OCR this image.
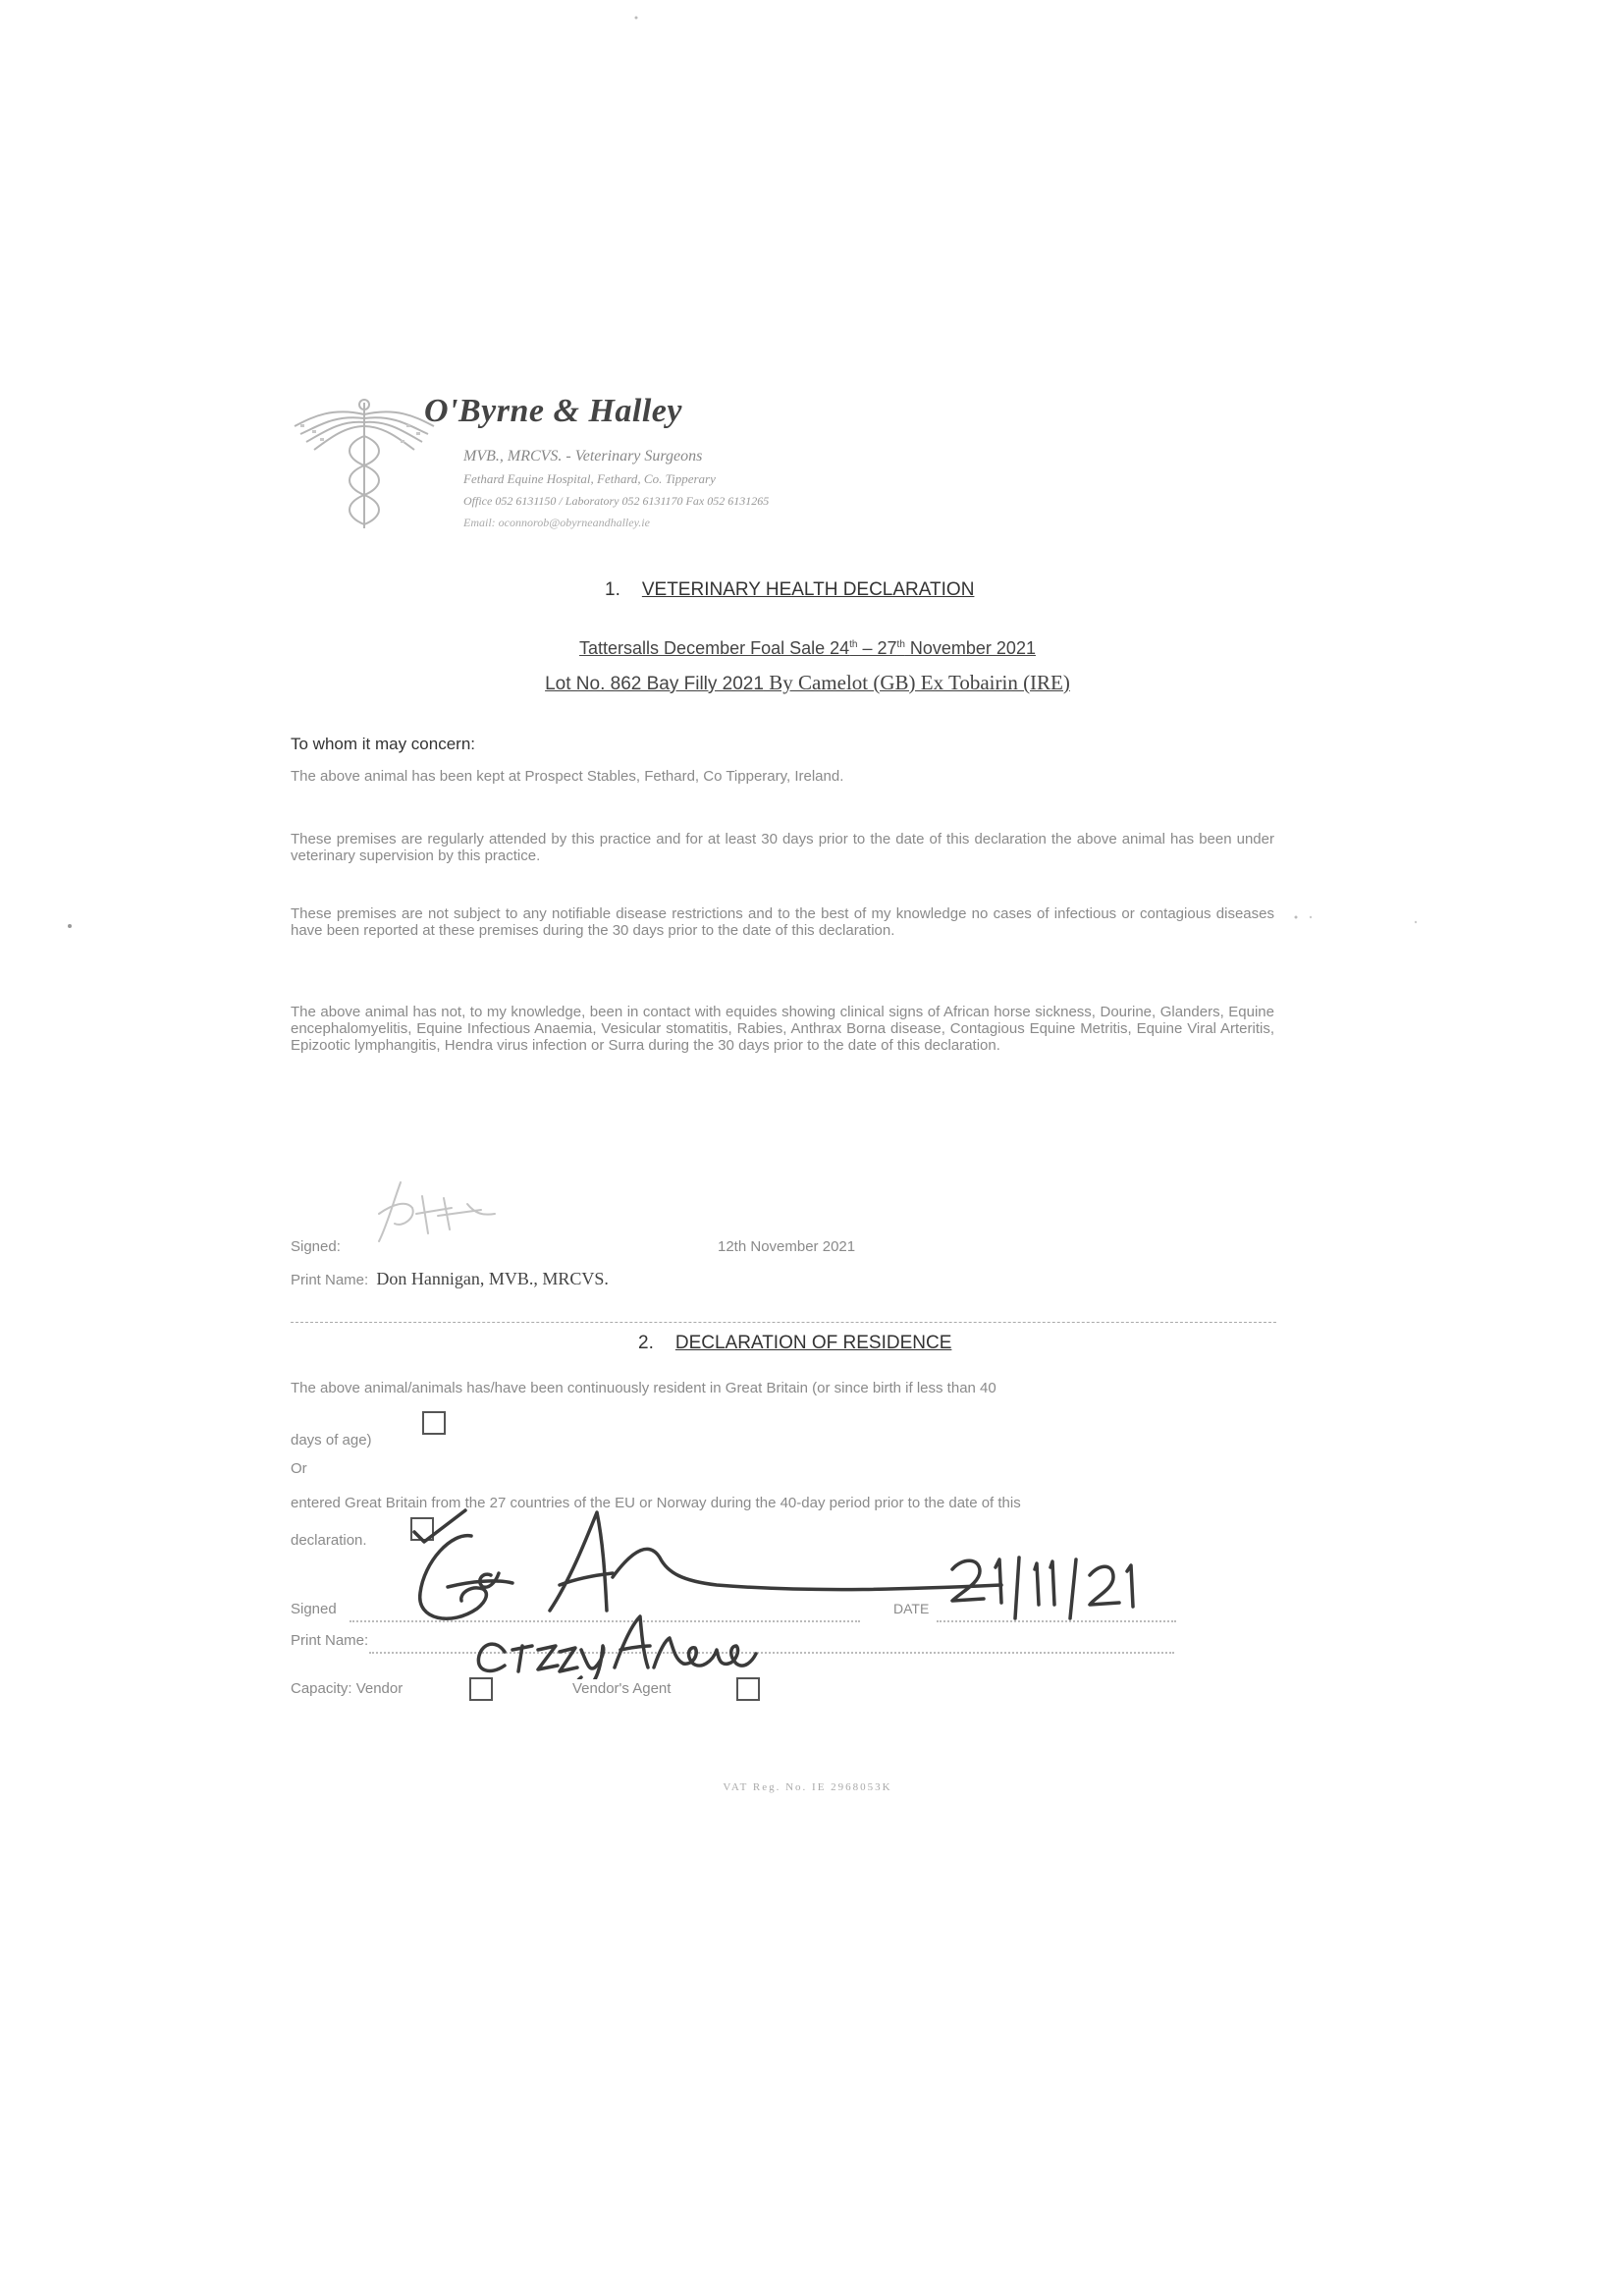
O'Byrne & Halley
MVB., MRCVS. - Veterinary Surgeons
Fethard Equine Hospital, Fethard, Co. Tipperary
Office 052 6131150 / Laboratory 052 6131170 Fax 052 6131265
Email: oconnorob@obyrneandhalley.ie
1. VETERINARY HEALTH DECLARATION
Tattersalls December Foal Sale 24th – 27th November 2021
Lot No. 862 Bay Filly 2021 By Camelot (GB) Ex Tobairin (IRE)
To whom it may concern:
The above animal has been kept at Prospect Stables, Fethard, Co Tipperary, Ireland.
These premises are regularly attended by this practice and for at least 30 days prior to the date of this declaration the above animal has been under veterinary supervision by this practice.
These premises are not subject to any notifiable disease restrictions and to the best of my knowledge no cases of infectious or contagious diseases have been reported at these premises during the 30 days prior to the date of this declaration.
The above animal has not, to my knowledge, been in contact with equides showing clinical signs of African horse sickness, Dourine, Glanders, Equine encephalomyelitis, Equine Infectious Anaemia, Vesicular stomatitis, Rabies, Anthrax Borna disease, Contagious Equine Metritis, Equine Viral Arteritis, Epizootic lymphangitis, Hendra virus infection or Surra during the 30 days prior to the date of this declaration.
Signed:	12th November 2021
Print Name: Don Hannigan, MVB., MRCVS.
2. DECLARATION OF RESIDENCE
The above animal/animals has/have been continuously resident in Great Britain (or since birth if less than 40
days of age)
Or
entered Great Britain from the 27 countries of the EU or Norway during the 40-day period prior to the date of this
declaration.
Signed	DATE
Print Name:
Capacity: Vendor	Vendor's Agent
VAT Reg. No. IE 2968053K
